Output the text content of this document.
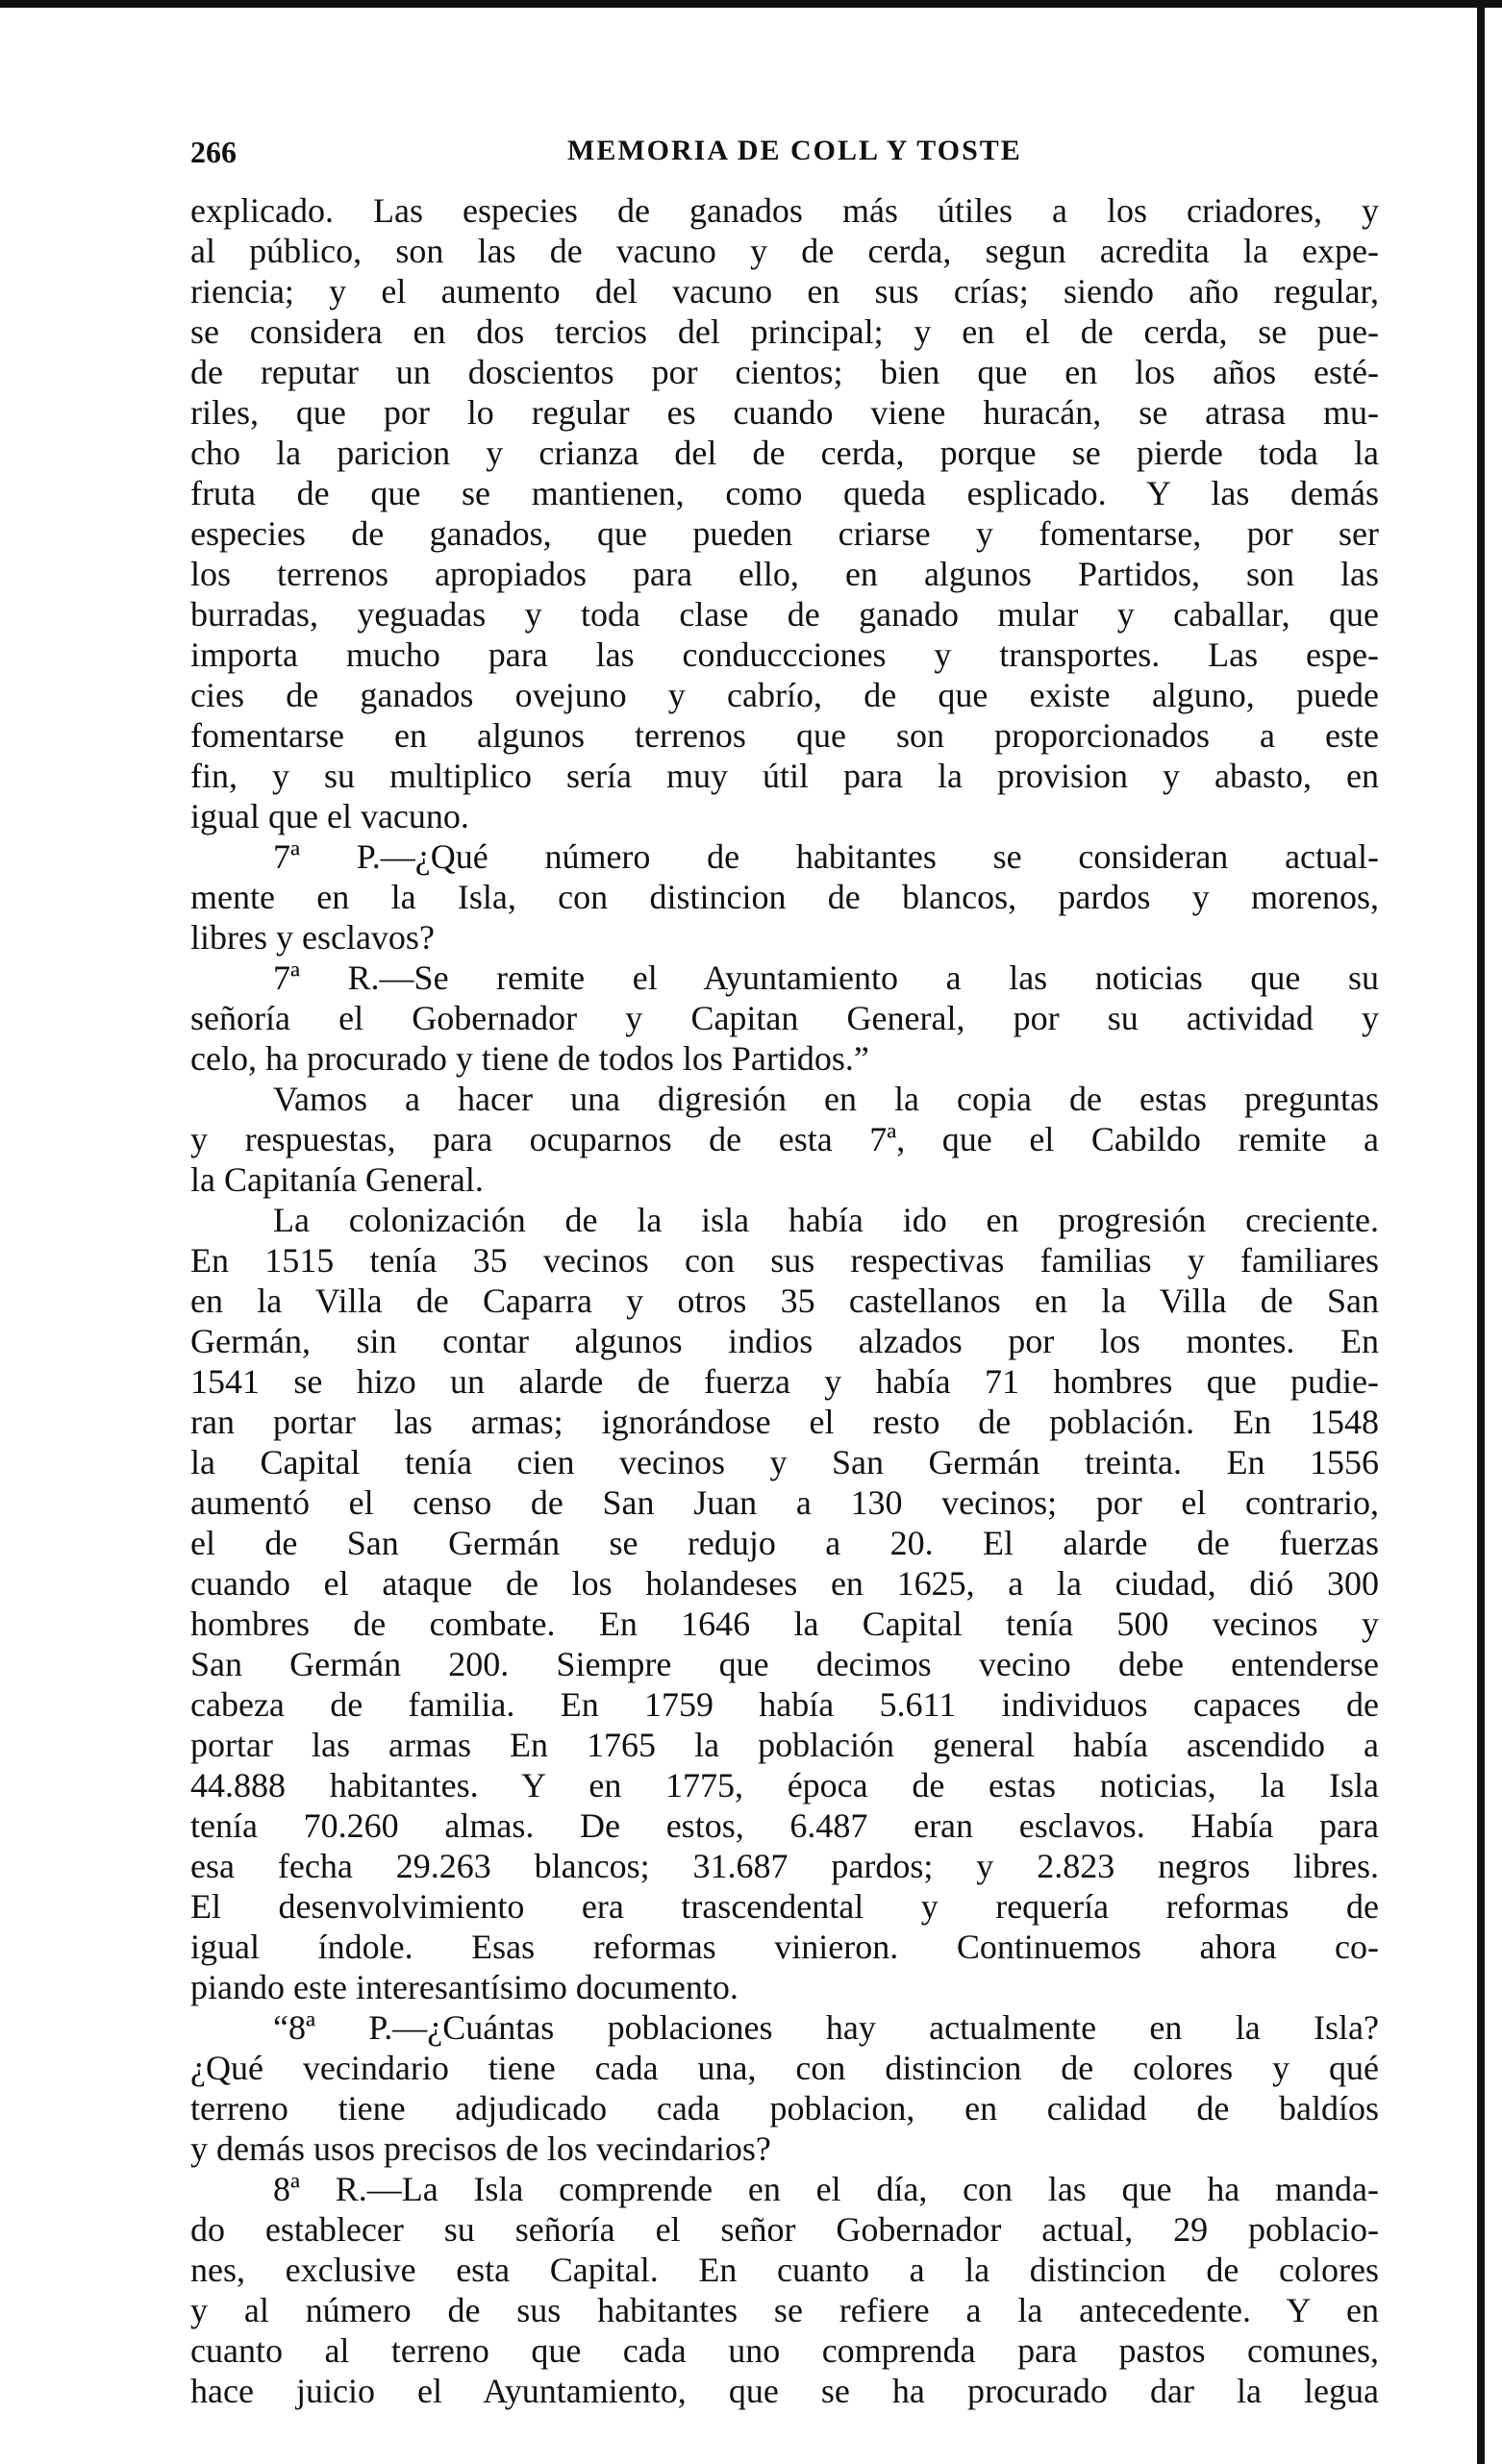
266	MEMORIA DE COLL Y TOSTE
explicado. Las especies de ganados más útiles a los criadores, y
al público, son las de vacuno y de cerda, segun acredita la expe-
riencia; y el aumento del vacuno en sus crías; siendo año regular,
se considera en dos tercios del principal; y en el de cerda, se pue-
de reputar un doscientos por cientos; bien que en los años esté-
riles, que por lo regular es cuando viene huracán, se atrasa mu-
cho la paricion y crianza del de cerda, porque se pierde toda la
fruta de que se mantienen, como queda esplicado. Y las demás
especies de ganados, que pueden criarse y fomentarse, por ser
los terrenos apropiados para ello, en algunos Partidos, son las
burradas, yeguadas y toda clase de ganado mular y caballar, que
importa mucho para las conduccciones y transportes. Las espe-
cies de ganados ovejuno y cabrío, de que existe alguno, puede
fomentarse en algunos terrenos que son proporcionados a este
fin, y su multiplico sería muy útil para la provision y abasto, en
igual que el vacuno.
7ª P.—¿Qué número de habitantes se consideran actual-
mente en la Isla, con distincion de blancos, pardos y morenos,
libres y esclavos?
7ª R.—Se remite el Ayuntamiento a las noticias que su
señoría el Gobernador y Capitan General, por su actividad y
celo, ha procurado y tiene de todos los Partidos.”
Vamos a hacer una digresión en la copia de estas preguntas
y respuestas, para ocuparnos de esta 7ª, que el Cabildo remite a
la Capitanía General.
La colonización de la isla había ido en progresión creciente.
En 1515 tenía 35 vecinos con sus respectivas familias y familiares
en la Villa de Caparra y otros 35 castellanos en la Villa de San
Germán, sin contar algunos indios alzados por los montes. En
1541 se hizo un alarde de fuerza y había 71 hombres que pudie-
ran portar las armas; ignorándose el resto de población. En 1548
la Capital tenía cien vecinos y San Germán treinta. En 1556
aumentó el censo de San Juan a 130 vecinos; por el contrario,
el de San Germán se redujo a 20. El alarde de fuerzas
cuando el ataque de los holandeses en 1625, a la ciudad, dió 300
hombres de combate. En 1646 la Capital tenía 500 vecinos y
San Germán 200. Siempre que decimos vecino debe entenderse
cabeza de familia. En 1759 había 5.611 individuos capaces de
portar las armas En 1765 la población general había ascendido a
44.888 habitantes. Y en 1775, época de estas noticias, la Isla
tenía 70.260 almas. De estos, 6.487 eran esclavos. Había para
esa fecha 29.263 blancos; 31.687 pardos; y 2.823 negros libres.
El desenvolvimiento era trascendental y requería reformas de
igual índole. Esas reformas vinieron. Continuemos ahora co-
piando este interesantísimo documento.
“8ª P.—¿Cuántas poblaciones hay actualmente en la Isla?
¿Qué vecindario tiene cada una, con distincion de colores y qué
terreno tiene adjudicado cada poblacion, en calidad de baldíos
y demás usos precisos de los vecindarios?
8ª R.—La Isla comprende en el día, con las que ha manda-
do establecer su señoría el señor Gobernador actual, 29 poblacio-
nes, exclusive esta Capital. En cuanto a la distincion de colores
y al número de sus habitantes se refiere a la antecedente. Y en
cuanto al terreno que cada uno comprenda para pastos comunes,
hace juicio el Ayuntamiento, que se ha procurado dar la legua
